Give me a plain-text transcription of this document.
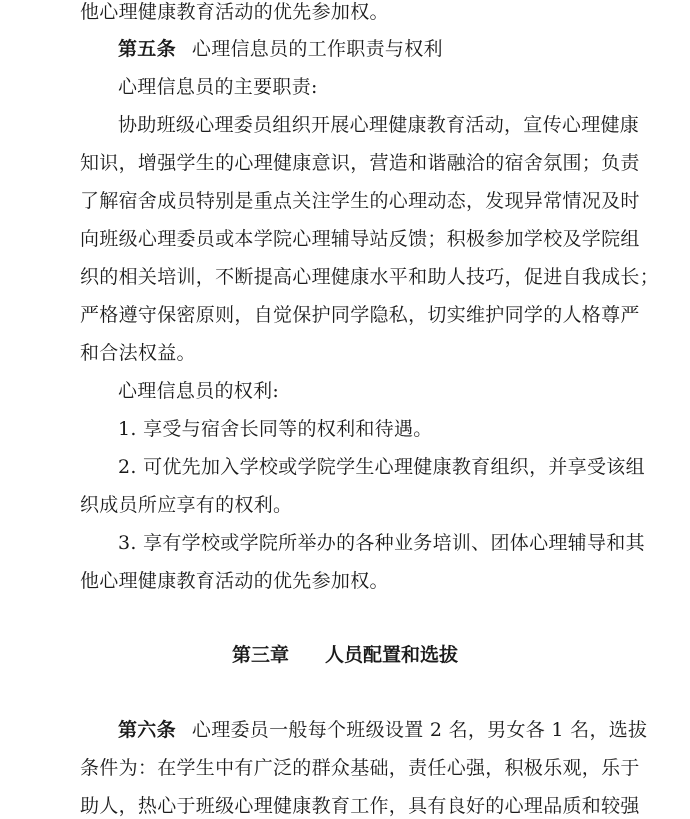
他心理健康教育活动的优先参加权。
第五条 心理信息员的工作职责与权利
心理信息员的主要职责:
协助班级心理委员组织开展心理健康教育活动，宣传心理健康
知识，增强学生的心理健康意识，营造和谐融洽的宿舍氛围；负责
了解宿舍成员特别是重点关注学生的心理动态，发现异常情况及时
向班级心理委员或本学院心理辅导站反馈；积极参加学校及学院组
织的相关培训，不断提高心理健康水平和助人技巧，促进自我成长；
严格遵守保密原则，自觉保护同学隐私，切实维护同学的人格尊严
和合法权益。
心理信息员的权利:
1. 享受与宿舍长同等的权利和待遇。
2. 可优先加入学校或学院学生心理健康教育组织，并享受该组
织成员所应享有的权利。
3. 享有学校或学院所举办的各种业务培训、团体心理辅导和其
他心理健康教育活动的优先参加权。
第三章 人员配置和选拔
第六条 心理委员一般每个班级设置 2 名，男女各 1 名，选拔
条件为：在学生中有广泛的群众基础，责任心强，积极乐观，乐于
助人，热心于班级心理健康教育工作，具有良好的心理品质和较强
